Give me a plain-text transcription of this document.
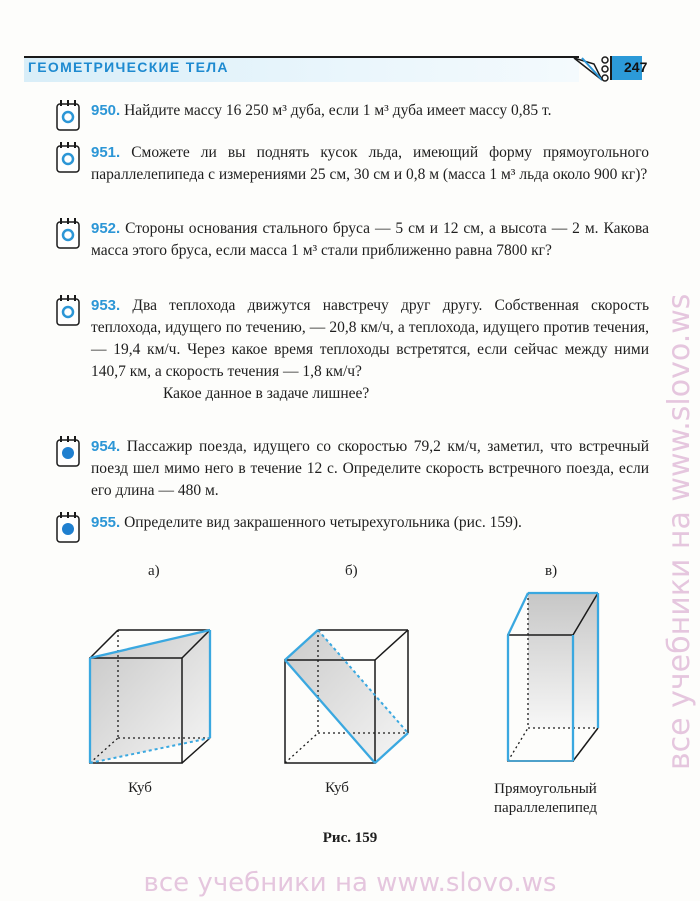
ГЕОМЕТРИЧЕСКИЕ ТЕЛА	247
950. Найдите массу 16 250 м³ дуба, если 1 м³ дуба имеет массу 0,85 т.
951. Сможете ли вы поднять кусок льда, имеющий форму прямоугольного параллелепипеда с измерениями 25 см, 30 см и 0,8 м (масса 1 м³ льда около 900 кг)?
952. Стороны основания стального бруса — 5 см и 12 см, а высота — 2 м. Какова масса этого бруса, если масса 1 м³ стали приближенно равна 7800 кг?
953. Два теплохода движутся навстречу друг другу. Собственная скорость теплохода, идущего по течению, — 20,8 км/ч, а теплохода, идущего против течения, — 19,4 км/ч. Через какое время теплоходы встретятся, если сейчас между ними 140,7 км, а скорость течения — 1,8 км/ч?
Какое данное в задаче лишнее?
954. Пассажир поезда, идущего со скоростью 79,2 км/ч, заметил, что встречный поезд шел мимо него в течение 12 с. Определите скорость встречного поезда, если его длина — 480 м.
955. Определите вид закрашенного четырехугольника (рис. 159).
а)	б)	в)
Куб	Куб	Прямоугольный параллелепипед
Рис. 159
все учебники на www.slovo.ws
все учебники на www.slovo.ws
